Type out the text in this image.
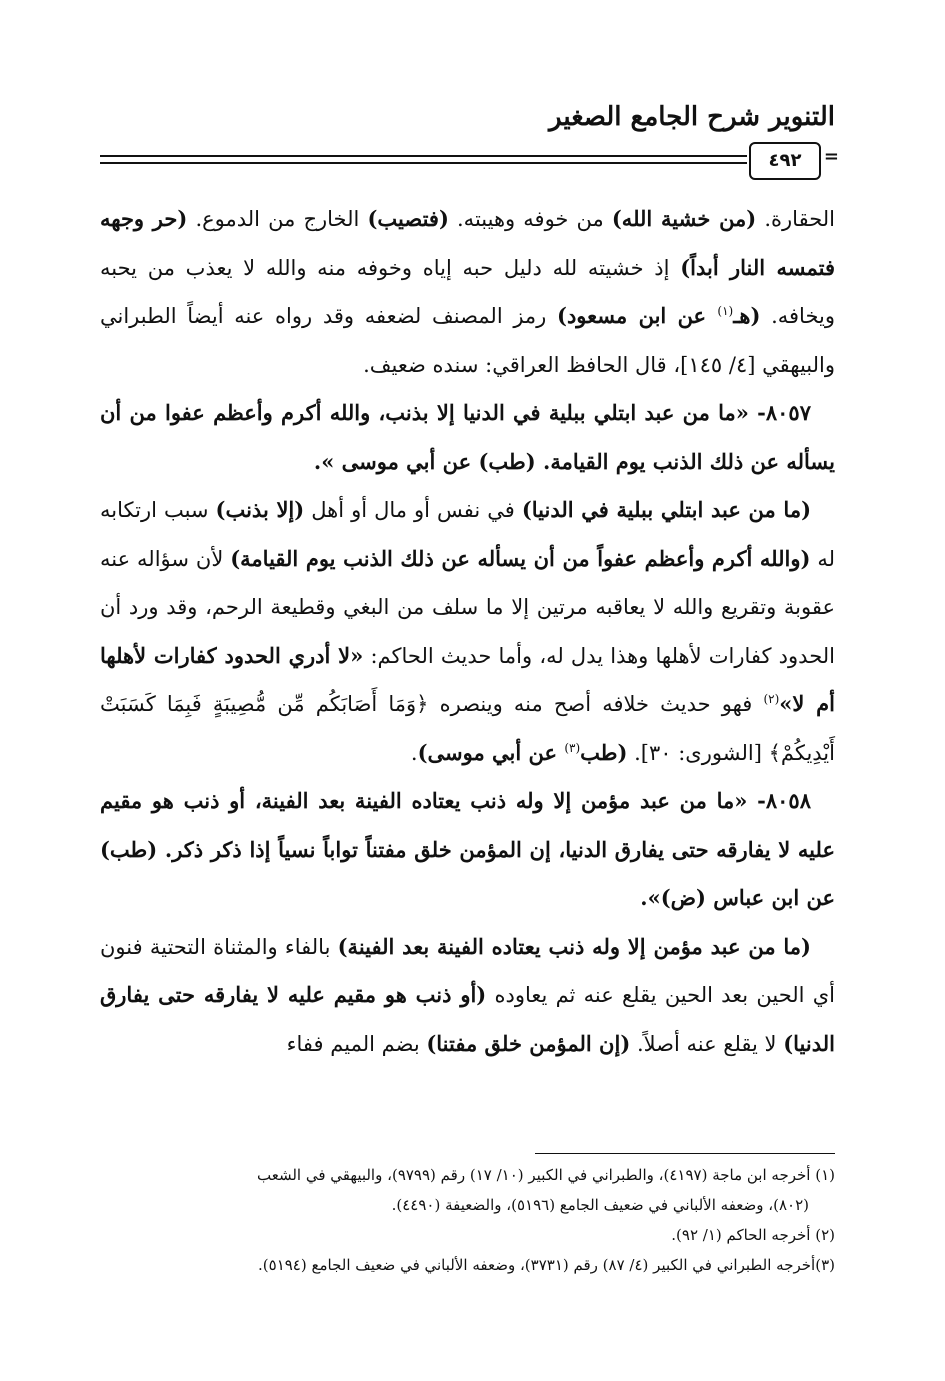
التنوير شرح الجامع الصغير
=
٤٩٢

الحقارة. (من خشية الله) من خوفه وهيبته. (فتصيب) الخارج من الدموع. (حر وجهه فتمسه النار أبداً) إذ خشيته لله دليل حبه إياه وخوفه منه والله لا يعذب من يحبه ويخافه. (هـ$^{(١)}$ عن ابن مسعود) رمز المصنف لضعفه وقد رواه عنه أيضاً الطبراني والبيهقي [٤/ ١٤٥]، قال الحافظ العراقي: سنده ضعيف.

٨٠٥٧- «ما من عبد ابتلي ببلية في الدنيا إلا بذنب، والله أكرم وأعظم عفوا من أن يسأله عن ذلك الذنب يوم القيامة. (طب) عن أبي موسى ».

(ما من عبد ابتلي ببلية في الدنيا) في نفس أو مال أو أهل (إلا بذنب) سبب ارتكابه له (والله أكرم وأعظم عفواً من أن يسأله عن ذلك الذنب يوم القيامة) لأن سؤاله عنه عقوبة وتقريع والله لا يعاقبه مرتين إلا ما سلف من البغي وقطيعة الرحم، وقد ورد أن الحدود كفارات لأهلها وهذا يدل له، وأما حديث الحاكم: «لا أدري الحدود كفارات لأهلها أم لا»$^{(٢)}$ فهو حديث خلافه أصح منه وينصره ﴿وَمَا أَصَابَكُم مِّن مُّصِيبَةٍ فَبِمَا كَسَبَتْ أَيْدِيكُمْ﴾ [الشورى: ٣٠]. (طب$^{(٣)}$ عن أبي موسى).

٨٠٥٨- «ما من عبد مؤمن إلا وله ذنب يعتاده الفينة بعد الفينة، أو ذنب هو مقيم عليه لا يفارقه حتى يفارق الدنيا، إن المؤمن خلق مفتناً تواباً نسياً إذا ذكر ذكر. (طب) عن ابن عباس (ض)».

(ما من عبد مؤمن إلا وله ذنب يعتاده الفينة بعد الفينة) بالفاء والمثناة التحتية فنون أي الحين بعد الحين يقلع عنه ثم يعاوده (أو ذنب هو مقيم عليه لا يفارقه حتى يفارق الدنيا) لا يقلع عنه أصلاً. (إن المؤمن خلق مفتنا) بضم الميم ففاء

(١) أخرجه ابن ماجة (٤١٩٧)، والطبراني في الكبير (١٠/ ١٧) رقم (٩٧٩٩)، والبيهقي في الشعب
(٨٠٢)، وضعفه الألباني في ضعيف الجامع (٥١٩٦)، والضعيفة (٤٤٩٠).
(٢) أخرجه الحاكم (١/ ٩٢).
(٣)أخرجه الطبراني في الكبير (٤/ ٨٧) رقم (٣٧٣١)، وضعفه الألباني في ضعيف الجامع (٥١٩٤).
